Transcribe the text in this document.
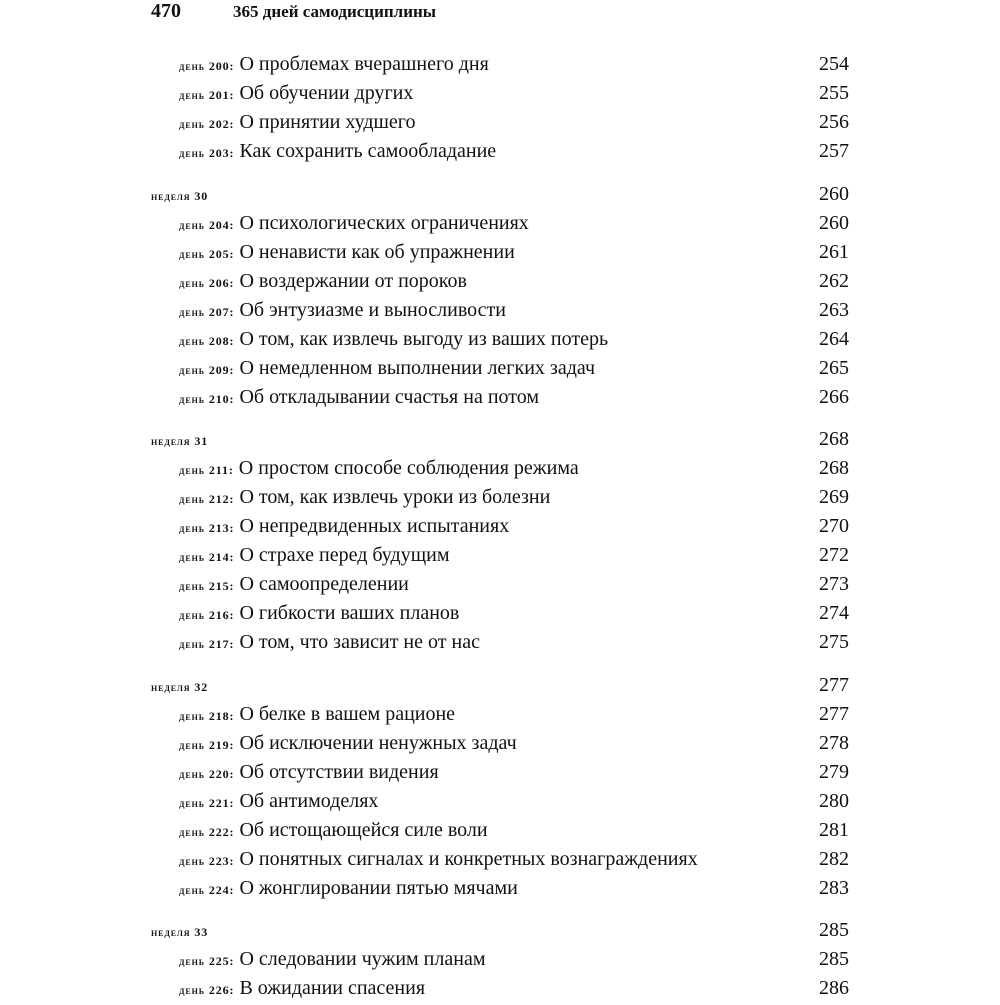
470	365 дней самодисциплины
день 200: О проблемах вчерашнего дня	254
день 201: Об обучении других	255
день 202: О принятии худшего	256
день 203: Как сохранить самообладание	257
неделя 30	260
день 204: О психологических ограничениях	260
день 205: О ненависти как об упражнении	261
день 206: О воздержании от пороков	262
день 207: Об энтузиазме и выносливости	263
день 208: О том, как извлечь выгоду из ваших потерь	264
день 209: О немедленном выполнении легких задач	265
день 210: Об откладывании счастья на потом	266
неделя 31	268
день 211: О простом способе соблюдения режима	268
день 212: О том, как извлечь уроки из болезни	269
день 213: О непредвиденных испытаниях	270
день 214: О страхе перед будущим	272
день 215: О самоопределении	273
день 216: О гибкости ваших планов	274
день 217: О том, что зависит не от нас	275
неделя 32	277
день 218: О белке в вашем рационе	277
день 219: Об исключении ненужных задач	278
день 220: Об отсутствии видения	279
день 221: Об антимоделях	280
день 222: Об истощающейся силе воли	281
день 223: О понятных сигналах и конкретных вознаграждениях	282
день 224: О жонглировании пятью мячами	283
неделя 33	285
день 225: О следовании чужим планам	285
день 226: В ожидании спасения	286
